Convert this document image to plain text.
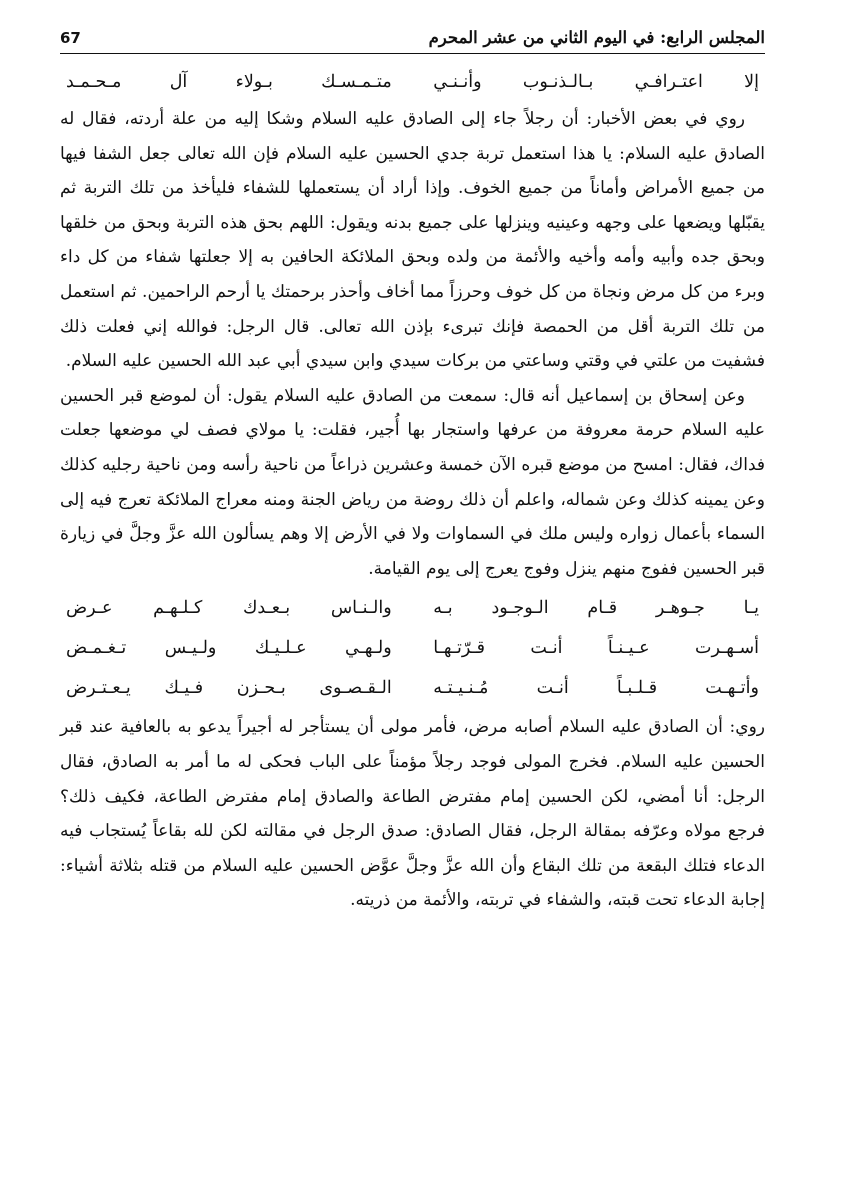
67	المجلس الرابع: في اليوم الثاني من عشر المحرم
إلا اعتـرافـي بـالـذنـوب وأنـنـي
متـمـسـك بـولاء آل مـحـمـد

روي في بعض الأخبار: أن رجلاً جاء إلى الصادق عليه السلام وشكا إليه من علة أردته، فقال له الصادق عليه السلام: يا هذا استعمل تربة جدي الحسين عليه السلام فإن الله تعالى جعل الشفا فيها من جميع الأمراض وأماناً من جميع الخوف. وإذا أراد أن يستعملها للشفاء فليأخذ من تلك التربة ثم يقبّلها ويضعها على وجهه وعينيه وينزلها على جميع بدنه ويقول: اللهم بحق هذه التربة وبحق من خلقها وبحق جده وأبيه وأمه وأخيه والأئمة من ولده وبحق الملائكة الحافين به إلا جعلتها شفاء من كل داء وبرء من كل مرض ونجاة من كل خوف وحرزاً مما أخاف وأحذر برحمتك يا أرحم الراحمين. ثم استعمل من تلك التربة أقل من الحمصة فإنك تبرىء بإذن الله تعالى. قال الرجل: فوالله إني فعلت ذلك فشفيت من علتي في وقتي وساعتي من بركات سيدي وابن سيدي أبي عبد الله الحسين عليه السلام.

وعن إسحاق بن إسماعيل أنه قال: سمعت من الصادق عليه السلام يقول: أن لموضع قبر الحسين عليه السلام حرمة معروفة من عرفها واستجار بها أُجير، فقلت: يا مولاي فصف لي موضعها جعلت فداك، فقال: امسح من موضع قبره الآن خمسة وعشرين ذراعاً من ناحية رأسه ومن ناحية رجليه كذلك وعن يمينه كذلك وعن شماله، واعلم أن ذلك روضة من رياض الجنة ومنه معراج الملائكة تعرج فيه إلى السماء بأعمال زواره وليس ملك في السماوات ولا في الأرض إلا وهم يسألون الله عزَّ وجلَّ في زيارة قبر الحسين ففوج منهم ينزل وفوج يعرج إلى يوم القيامة.

يـا جـوهـر قـام الـوجـود بـه
والـنـاس بـعـدك كـلـهـم عـرض
أسـهـرت عـيـنـاً أنـت قـرّتـهـا
ولـهـي عـلـيـك ولـيـس تـغـمـض
وأتـهـت قـلـبـاً أنـت مُـنـيـتـه
الـقـصـوى بـحـزن فـيـك يـعـتـرض

روي: أن الصادق عليه السلام أصابه مرض، فأمر مولى أن يستأجر له أجيراً يدعو به بالعافية عند قبر الحسين عليه السلام. فخرج المولى فوجد رجلاً مؤمناً على الباب فحكى له ما أمر به الصادق، فقال الرجل: أنا أمضي، لكن الحسين إمام مفترض الطاعة والصادق إمام مفترض الطاعة، فكيف ذلك؟ فرجع مولاه وعرّفه بمقالة الرجل، فقال الصادق: صدق الرجل في مقالته لكن لله بقاعاً يُستجاب فيه الدعاء فتلك البقعة من تلك البقاع وأن الله عزَّ وجلَّ عوَّض الحسين عليه السلام من قتله بثلاثة أشياء: إجابة الدعاء تحت قبته، والشفاء في تربته، والأئمة من ذريته.
